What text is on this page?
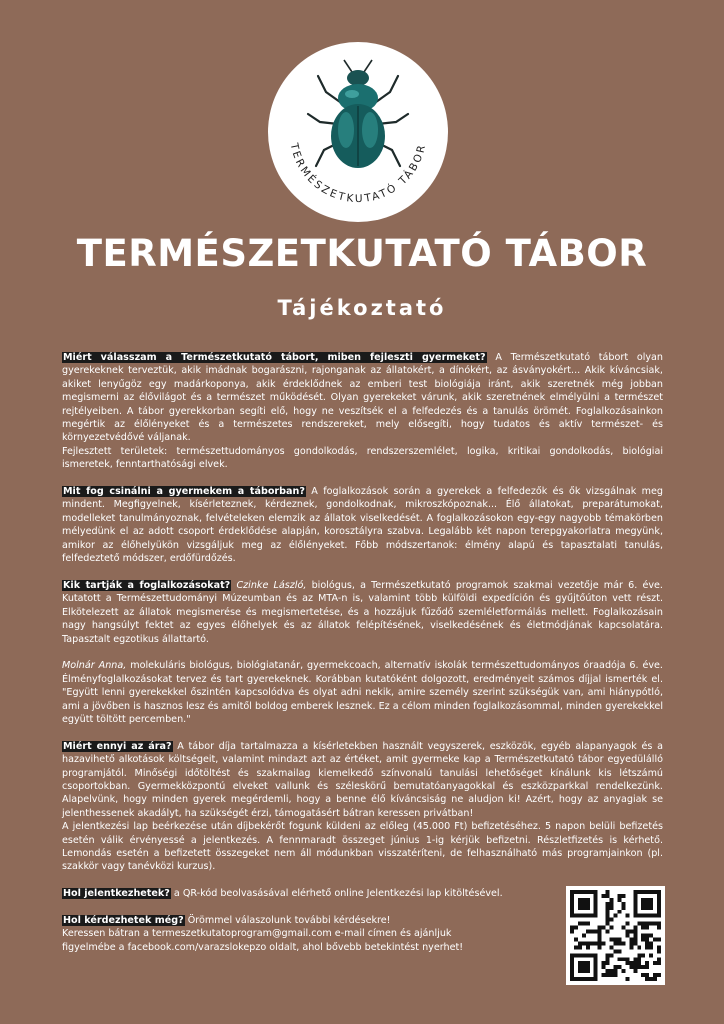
TERMÉSZETKUTATÓ TÁBOR
TERMÉSZETKUTATÓ TÁBOR
Tájékoztató

Miért válasszam a Természetkutató tábort, miben fejleszti gyermeket? A Természetkutató tábort olyan gyerekeknek terveztük, akik imádnak bogarászni, rajonganak az állatokért, a dínókért, az ásványokért... Akik kíváncsiak, akiket lenyűgöz egy madárkoponya, akik érdeklődnek az emberi test biológiája iránt, akik szeretnék még jobban megismerni az élővilágot és a természet működését. Olyan gyerekeket várunk, akik szeretnének elmélyülni a természet rejtélyeiben. A tábor gyerekkorban segíti elő, hogy ne veszítsék el a felfedezés és a tanulás örömét. Foglalkozásainkon megértik az élőlényeket és a természetes rendszereket, mely elősegíti, hogy tudatos és aktív természet- és környezetvédővé váljanak.

Fejlesztett területek: természettudományos gondolkodás, rendszerszemlélet, logika, kritikai gondolkodás, biológiai ismeretek, fenntarthatósági elvek.

Mit fog csinálni a gyermekem a táborban? A foglalkozások során a gyerekek a felfedezők és ők vizsgálnak meg mindent. Megfigyelnek, kísérleteznek, kérdeznek, gondolkodnak, mikroszkópoznak... Élő állatokat, preparátumokat, modelleket tanulmányoznak, felvételeken elemzik az állatok viselkedését. A foglalkozásokon egy-egy nagyobb témakörben mélyedünk el az adott csoport érdeklődése alapján, korosztályra szabva. Legalább két napon terepgyakorlatra megyünk, amikor az élőhelyükön vizsgáljuk meg az élőlényeket. Főbb módszertanok: élmény alapú és tapasztalati tanulás, felfedeztető módszer, erdőfürdőzés.

Kik tartják a foglalkozásokat? Czinke László, biológus, a Természetkutató programok szakmai vezetője már 6. éve. Kutatott a Természettudományi Múzeumban és az MTA-n is, valamint több külföldi expedíción és gyűjtőúton vett részt. Elkötelezett az állatok megismerése és megismertetése, és a hozzájuk fűződő szemléletformálás mellett. Foglalkozásain nagy hangsúlyt fektet az egyes élőhelyek és az állatok felépítésének, viselkedésének és életmódjának kapcsolatára. Tapasztalt egzotikus állattartó.

Molnár Anna, molekuláris biológus, biológiatanár, gyermekcoach, alternatív iskolák természettudományos óraadója 6. éve. Élményfoglalkozásokat tervez és tart gyerekeknek. Korábban kutatóként dolgozott, eredményeit számos díjjal ismerték el. "Együtt lenni gyerekekkel őszintén kapcsolódva és olyat adni nekik, amire személy szerint szükségük van, ami hiánypótló, ami a jövőben is hasznos lesz és amitől boldog emberek lesznek. Ez a célom minden foglalkozásommal, minden gyerekekkel együtt töltött percemben."

Miért ennyi az ára? A tábor díja tartalmazza a kísérletekben használt vegyszerek, eszközök, egyéb alapanyagok és a hazavihető alkotások költségeit, valamint mindazt azt az értéket, amit gyermeke kap a Természetkutató tábor egyedülálló programjától. Minőségi időtöltést és szakmailag kiemelkedő színvonalú tanulási lehetőséget kínálunk kis létszámú csoportokban. Gyermekközpontú elveket vallunk és széleskörű bemutatóanyagokkal és eszközparkkal rendelkezünk. Alapelvünk, hogy minden gyerek megérdemli, hogy a benne élő kíváncsiság ne aludjon ki! Azért, hogy az anyagiak se jelenthessenek akadályt, ha szükségét érzi, támogatásért bátran keressen privátban!

A jelentkezési lap beérkezése után díjbekérőt fogunk küldeni az előleg (45.000 Ft) befizetéséhez. 5 napon belüli befizetés esetén válik érvényessé a jelentkezés. A fennmaradt összeget június 1-ig kérjük befizetni. Részletfizetés is kérhető. Lemondás esetén a befizetett összegeket nem áll módunkban visszatéríteni, de felhasználható más programjainkon (pl. szakkör vagy tanévközi kurzus).

Hol jelentkezhetek? a QR-kód beolvasásával elérhető online Jelentkezési lap kitöltésével.

Hol kérdezhetek még? Örömmel válaszolunk további kérdésekre!

Keressen bátran a termeszetkutatoprogram@gmail.com e-mail címen és ajánljuk

figyelmébe a facebook.com/varazslokepzo oldalt, ahol bővebb betekintést nyerhet!
